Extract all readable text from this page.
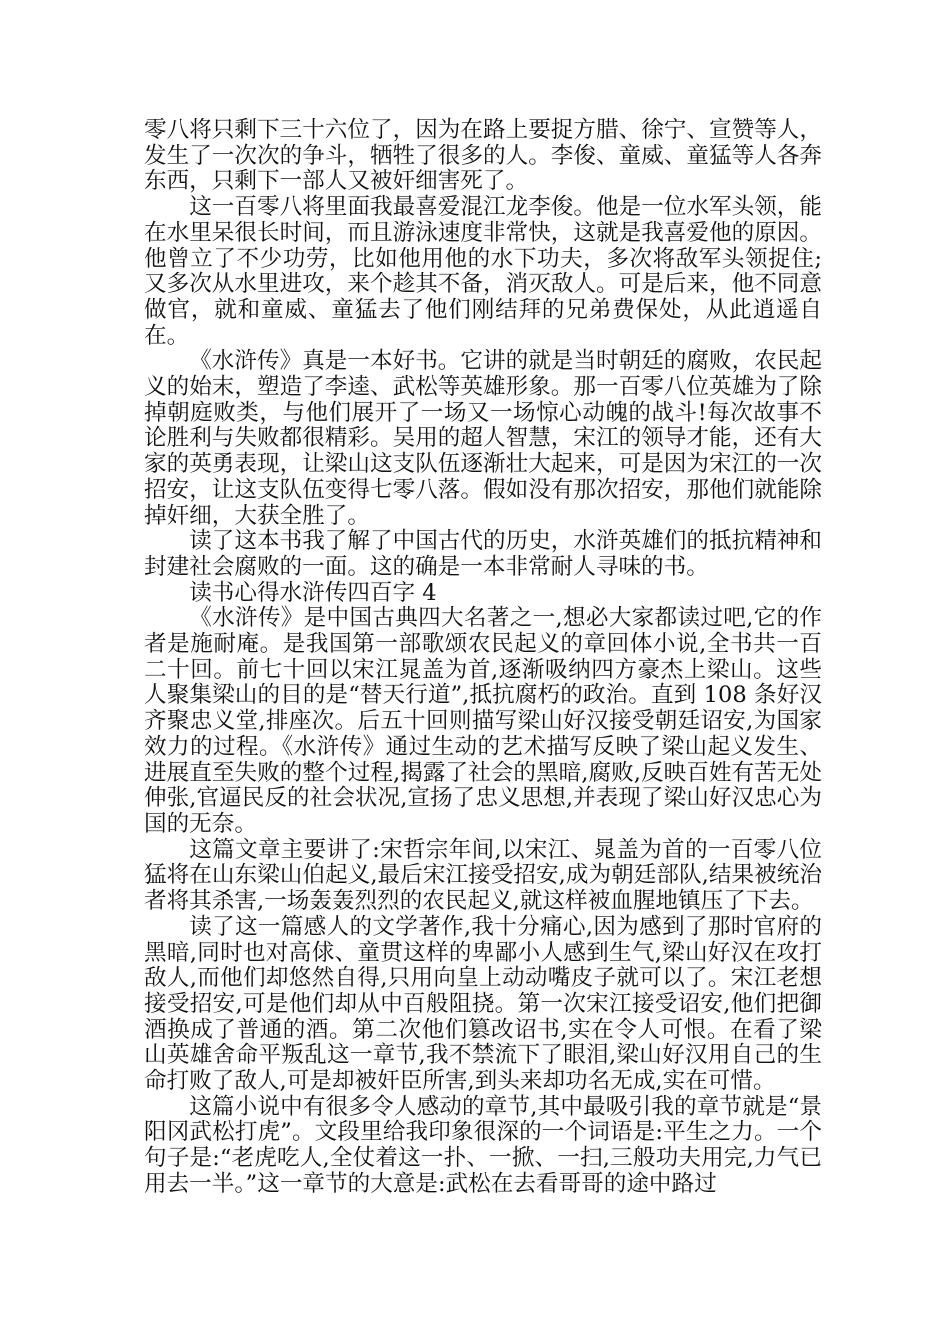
零八将只剩下三十六位了，因为在路上要捉方腊、徐宁、宣赞等人，发生了一次次的争斗，牺牲了很多的人。李俊、童威、童猛等人各奔东西，只剩下一部人又被奸细害死了。

这一百零八将里面我最喜爱混江龙李俊。他是一位水军头领，能在水里呆很长时间，而且游泳速度非常快，这就是我喜爱他的原因。他曾立了不少功劳，比如他用他的水下功夫，多次将敌军头领捉住;又多次从水里进攻，来个趁其不备，消灭敌人。可是后来，他不同意做官，就和童威、童猛去了他们刚结拜的兄弟费保处，从此逍遥自在。

《水浒传》真是一本好书。它讲的就是当时朝廷的腐败，农民起义的始末，塑造了李逵、武松等英雄形象。那一百零八位英雄为了除掉朝庭败类，与他们展开了一场又一场惊心动魄的战斗!每次故事不论胜利与失败都很精彩。吴用的超人智慧，宋江的领导才能，还有大家的英勇表现，让梁山这支队伍逐渐壮大起来，可是因为宋江的一次招安，让这支队伍变得七零八落。假如没有那次招安，那他们就能除掉奸细，大获全胜了。

读了这本书我了解了中国古代的历史，水浒英雄们的抵抗精神和封建社会腐败的一面。这的确是一本非常耐人寻味的书。

读书心得水浒传四百字 4

《水浒传》是中国古典四大名著之一,想必大家都读过吧,它的作者是施耐庵。是我国第一部歌颂农民起义的章回体小说,全书共一百二十回。前七十回以宋江晁盖为首,逐渐吸纳四方豪杰上梁山。这些人聚集梁山的目的是“替天行道”,抵抗腐朽的政治。直到 108 条好汉齐聚忠义堂,排座次。后五十回则描写梁山好汉接受朝廷诏安,为国家效力的过程。《水浒传》通过生动的艺术描写反映了梁山起义发生、进展直至失败的整个过程,揭露了社会的黑暗,腐败,反映百姓有苦无处伸张,官逼民反的社会状况,宣扬了忠义思想,并表现了梁山好汉忠心为国的无奈。

这篇文章主要讲了:宋哲宗年间,以宋江、晁盖为首的一百零八位猛将在山东梁山伯起义,最后宋江接受招安,成为朝廷部队,结果被统治者将其杀害,一场轰轰烈烈的农民起义,就这样被血腥地镇压了下去。

读了这一篇感人的文学著作,我十分痛心,因为感到了那时官府的黑暗,同时也对高俅、童贯这样的卑鄙小人感到生气,梁山好汉在攻打敌人,而他们却悠然自得,只用向皇上动动嘴皮子就可以了。宋江老想接受招安,可是他们却从中百般阻挠。第一次宋江接受诏安,他们把御酒换成了普通的酒。第二次他们篡改诏书,实在令人可恨。在看了梁山英雄舍命平叛乱这一章节,我不禁流下了眼泪,梁山好汉用自己的生命打败了敌人,可是却被奸臣所害,到头来却功名无成,实在可惜。

这篇小说中有很多令人感动的章节,其中最吸引我的章节就是“景阳冈武松打虎”。文段里给我印象很深的一个词语是:平生之力。一个句子是:“老虎吃人,全仗着这一扑、一掀、一扫,三般功夫用完,力气已用去一半。”这一章节的大意是:武松在去看哥哥的途中路过
